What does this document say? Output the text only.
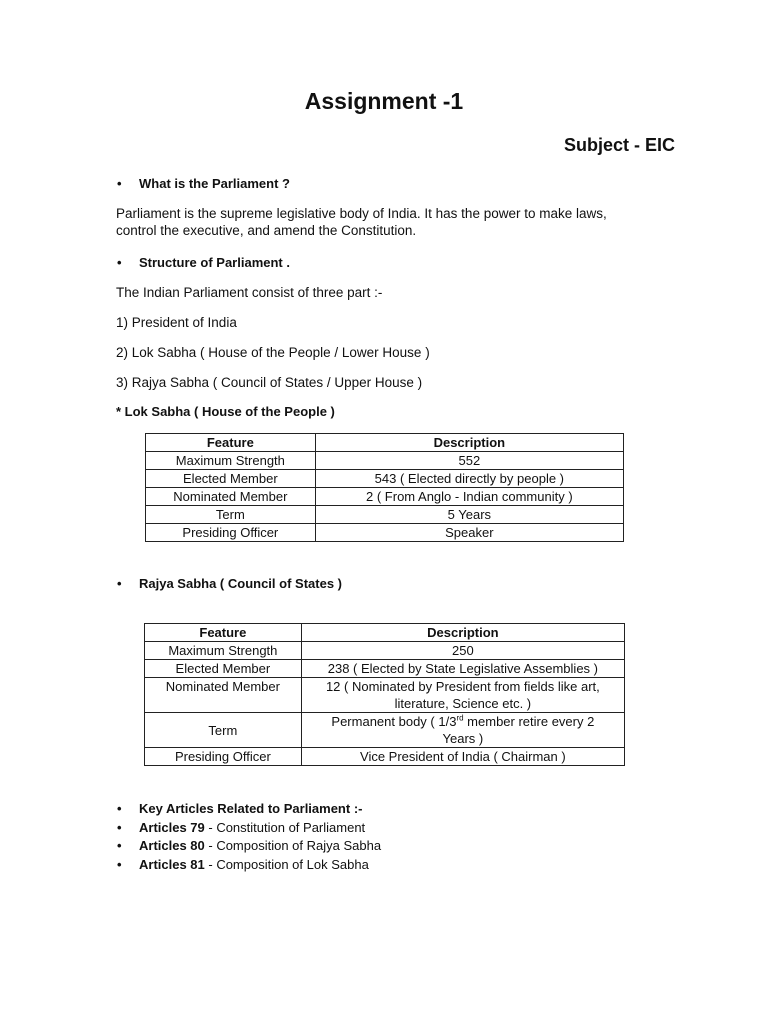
Assignment -1
Subject - EIC
• What is the Parliament ?
Parliament is the supreme legislative body of India. It has the power to make laws,
control the executive, and amend the Constitution.
• Structure of Parliament .
The Indian Parliament consist of three part :-
1) President of India
2) Lok Sabha ( House of the People / Lower House )
3) Rajya Sabha ( Council of States / Upper House )
* Lok Sabha ( House of the People )
Feature	Description
Maximum Strength	552
Elected Member	543 ( Elected directly by people )
Nominated Member	2 ( From Anglo - Indian community )
Term	5 Years
Presiding Officer	Speaker
• Rajya Sabha ( Council of States )
Feature	Description
Maximum Strength	250
Elected Member	238 ( Elected by State Legislative Assemblies )
Nominated Member	12 ( Nominated by President from fields like art,
literature, Science etc. )
Term	Permanent body ( 1/3rd member retire every 2
Years )
Presiding Officer	Vice President of India ( Chairman )
• Key Articles Related to Parliament :-
• Articles 79 - Constitution of Parliament
• Articles 80 - Composition of Rajya Sabha
• Articles 81 - Composition of Lok Sabha
